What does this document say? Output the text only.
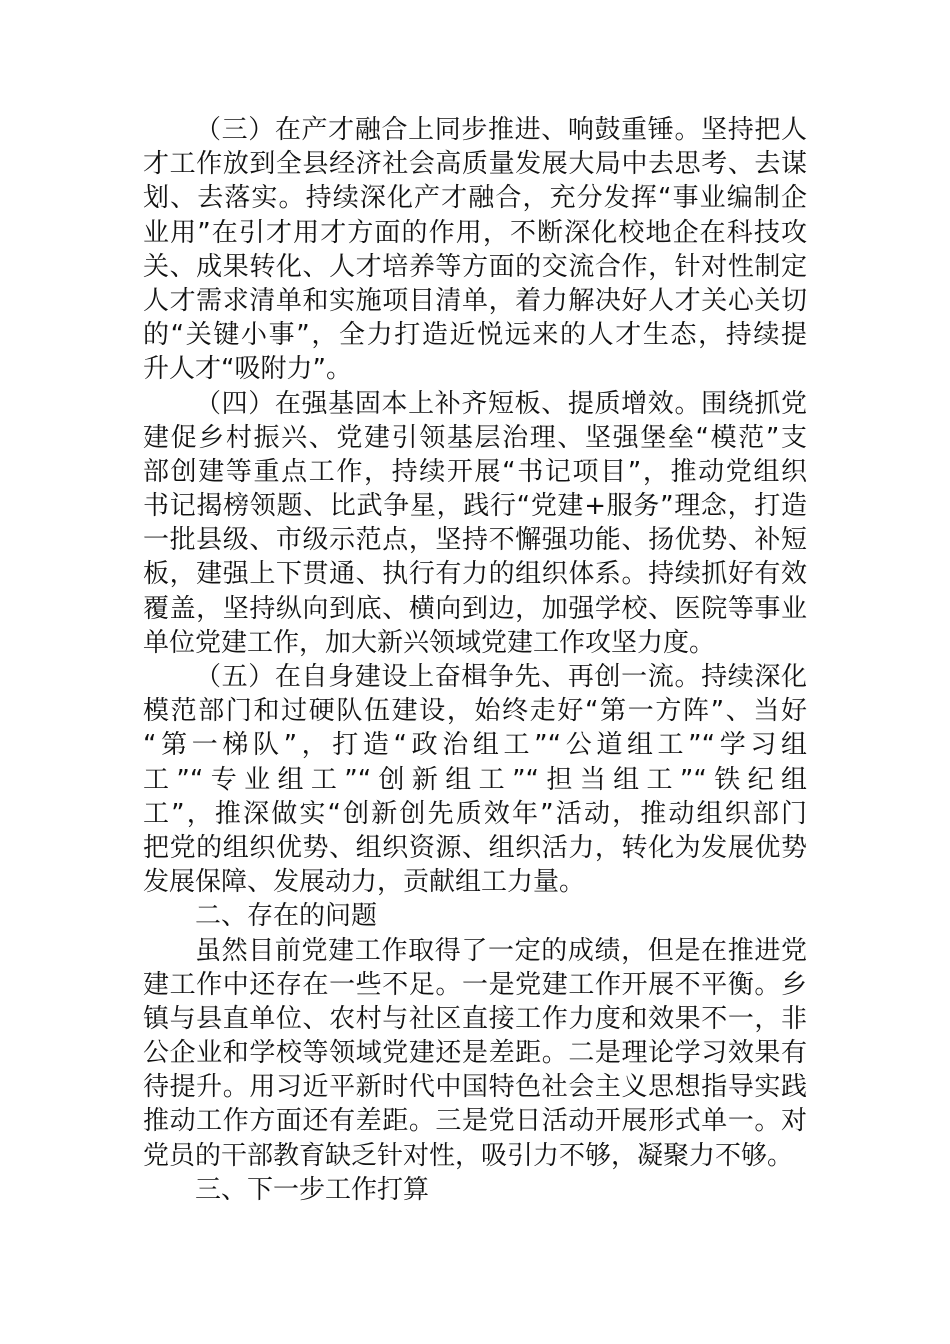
（三）在产才融合上同步推进、响鼓重锤。坚持把人
才工作放到全县经济社会高质量发展大局中去思考、去谋
划、去落实。持续深化产才融合，充分发挥“事业编制企
业用”在引才用才方面的作用，不断深化校地企在科技攻
关、成果转化、人才培养等方面的交流合作，针对性制定
人才需求清单和实施项目清单，着力解决好人才关心关切
的“关键小事”，全力打造近悦远来的人才生态，持续提
升人才“吸附力”。
（四）在强基固本上补齐短板、提质增效。围绕抓党
建促乡村振兴、党建引领基层治理、坚强堡垒“模范”支
部创建等重点工作，持续开展“书记项目”，推动党组织
书记揭榜领题、比武争星，践行“党建+服务”理念，打造
一批县级、市级示范点，坚持不懈强功能、扬优势、补短
板，建强上下贯通、执行有力的组织体系。持续抓好有效
覆盖，坚持纵向到底、横向到边，加强学校、医院等事业
单位党建工作，加大新兴领域党建工作攻坚力度。
（五）在自身建设上奋楫争先、再创一流。持续深化
模范部门和过硬队伍建设，始终走好“第一方阵”、当好
“第一梯队”，打造“政治组工”“公道组工”“学习组
工”“专业组工”“创新组工”“担当组工”“铁纪组
工”，推深做实“创新创先质效年”活动，推动组织部门
把党的组织优势、组织资源、组织活力，转化为发展优势
发展保障、发展动力，贡献组工力量。
二、存在的问题
虽然目前党建工作取得了一定的成绩，但是在推进党
建工作中还存在一些不足。一是党建工作开展不平衡。乡
镇与县直单位、农村与社区直接工作力度和效果不一，非
公企业和学校等领域党建还是差距。二是理论学习效果有
待提升。用习近平新时代中国特色社会主义思想指导实践
推动工作方面还有差距。三是党日活动开展形式单一。对
党员的干部教育缺乏针对性，吸引力不够，凝聚力不够。
三、下一步工作打算
